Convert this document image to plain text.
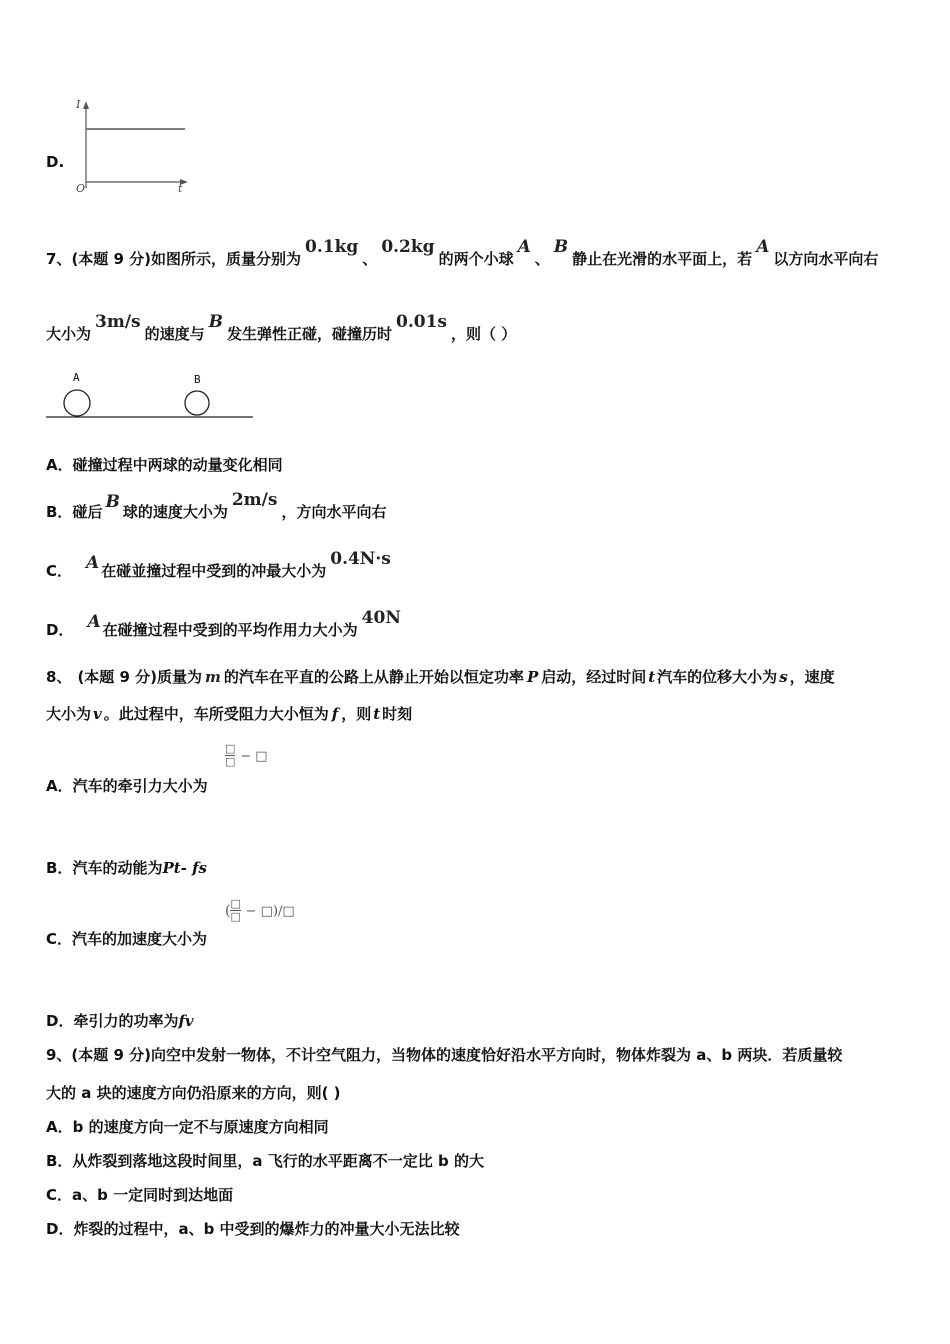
D.
I
t
O
7、(本题 9 分)如图所示，质量分别为0.1kg、0.2kg的两个小球A、B静止在光滑的水平面上，若A以方向水平向右
大小为3m/s的速度与B发生弹性正碰，碰撞历时0.01s，则（ ）
A	B
A．碰撞过程中两球的动量变化相同
B．碰后 B 球的速度大小为2m/s，方向水平向右
C． A 在碰並撞过程中受到的冲最大小为0.4N·s
D． A 在碰撞过程中受到的平均作用力大小为40N
8、 (本题 9 分)质量为 m 的汽车在平直的公路上从静止开始以恒定功率 P 启动，经过时间 t 汽车的位移大小为 s ，速度
大小为 v 。此过程中，车所受阻力大小恒为 f ，则 t 时刻
$\frac{□}{□}$ − □
A．汽车的牵引力大小为
B．汽车的动能为Pt- fs
($\frac{□}{□}$ − □)/□
C．汽车的加速度大小为
D．牵引力的功率为fv
9、(本题 9 分)向空中发射一物体，不计空气阻力，当物体的速度恰好沿水平方向时，物体炸裂为 a、b 两块．若质量较
大的 a 块的速度方向仍沿原来的方向，则( )
A．b 的速度方向一定不与原速度方向相同
B．从炸裂到落地这段时间里，a 飞行的水平距离不一定比 b 的大
C．a、b 一定同时到达地面
D．炸裂的过程中，a、b 中受到的爆炸力的冲量大小无法比较
